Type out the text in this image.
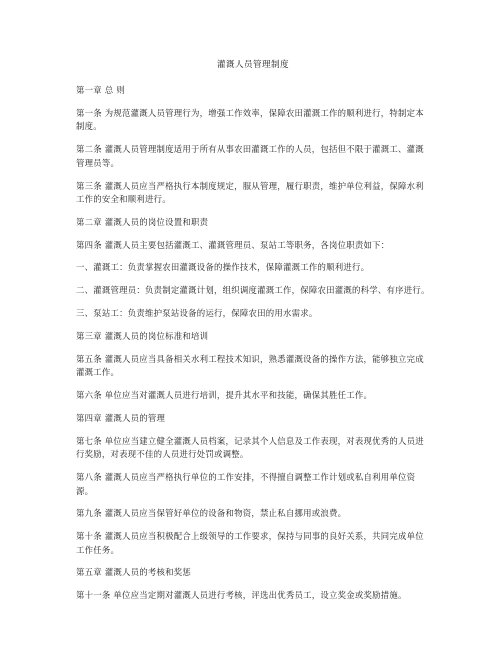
灌溉人员管理制度
第一章 总 则
第一条 为规范灌溉人员管理行为，增强工作效率，保障农田灌溉工作的顺利进行，特制定本制度。
第二条 灌溉人员管理制度适用于所有从事农田灌溉工作的人员，包括但不限于灌溉工、灌溉管理员等。
第三条 灌溉人员应当严格执行本制度规定，服从管理，履行职责，维护单位利益，保障水利工作的安全和顺利进行。
第二章 灌溉人员的岗位设置和职责
第四条 灌溉人员主要包括灌溉工、灌溉管理员、泵站工等职务，各岗位职责如下：
一、灌溉工：负责掌握农田灌溉设备的操作技术，保障灌溉工作的顺利进行。
二、灌溉管理员：负责制定灌溉计划，组织调度灌溉工作，保障农田灌溉的科学、有序进行。
三、泵站工：负责维护泵站设备的运行，保障农田的用水需求。
第三章 灌溉人员的岗位标准和培训
第五条 灌溉人员应当具备相关水利工程技术知识，熟悉灌溉设备的操作方法，能够独立完成灌溉工作。
第六条 单位应当对灌溉人员进行培训，提升其水平和技能，确保其胜任工作。
第四章 灌溉人员的管理
第七条 单位应当建立健全灌溉人员档案，记录其个人信息及工作表现，对表现优秀的人员进行奖励，对表现不佳的人员进行处罚或调整。
第八条 灌溉人员应当严格执行单位的工作安排，不得擅自调整工作计划或私自利用单位资源。
第九条 灌溉人员应当保管好单位的设备和物资，禁止私自挪用或浪费。
第十条 灌溉人员应当积极配合上级领导的工作要求，保持与同事的良好关系，共同完成单位工作任务。
第五章 灌溉人员的考核和奖惩
第十一条 单位应当定期对灌溉人员进行考核，评选出优秀员工，设立奖金或奖励措施。
